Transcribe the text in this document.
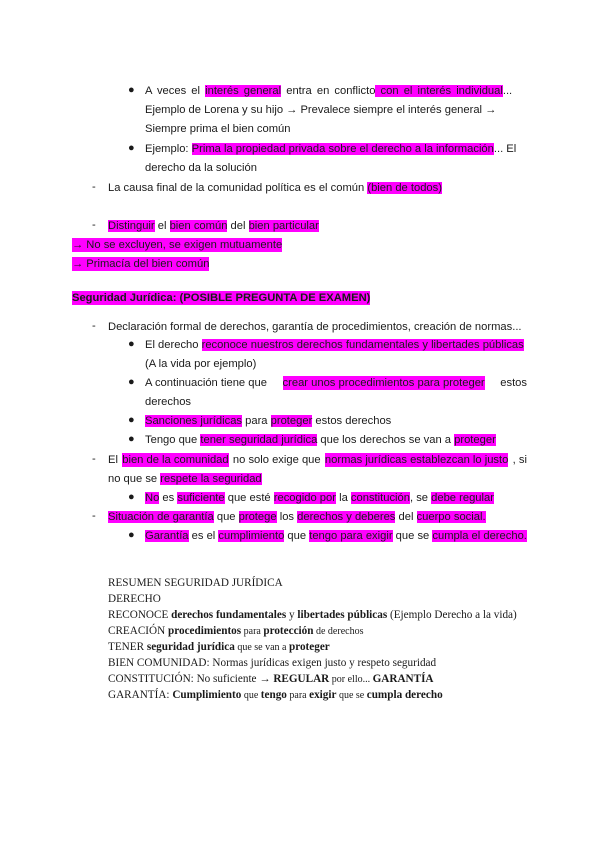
● A veces el interés general entra en conflicto con el interés individual...
Ejemplo de Lorena y su hijo → Prevalece siempre el interés general →
Siempre prima el bien común
● Ejemplo: Prima la propiedad privada sobre el derecho a la información... El
derecho da la solución
- La causa final de la comunidad política es el común (bien de todos)
- Distinguir el bien común del bien particular
→ No se excluyen, se exigen mutuamente
→ Primacía del bien común
Seguridad Jurídica: (POSIBLE PREGUNTA DE EXAMEN)
- Declaración formal de derechos, garantía de procedimientos, creación de normas...
● El derecho reconoce nuestros derechos fundamentales y libertades públicas
(A la vida por ejemplo)
● A continuación tiene que crear unos procedimientos para proteger estos
derechos
● Sanciones jurídicas para proteger estos derechos
● Tengo que tener seguridad jurídica que los derechos se van a proteger
- El bien de la comunidad no solo exige que normas jurídicas establezcan lo justo , si
no que se respete la seguridad
● No es suficiente que esté recogido por la constitución, se debe regular
- Situación de garantía que protege los derechos y deberes del cuerpo social.
● Garantía es el cumplimiento que tengo para exigir que se cumpla el derecho.
RESUMEN SEGURIDAD JURÍDICA
DERECHO
RECONOCE derechos fundamentales y libertades públicas (Ejemplo Derecho a la vida)
CREACIÓN procedimientos para protección de derechos
TENER seguridad jurídica que se van a proteger
BIEN COMUNIDAD: Normas jurídicas exigen justo y respeto seguridad
CONSTITUCIÓN: No suficiente → REGULAR por ello... GARANTÍA
GARANTÍA: Cumplimiento que tengo para exigir que se cumpla derecho
